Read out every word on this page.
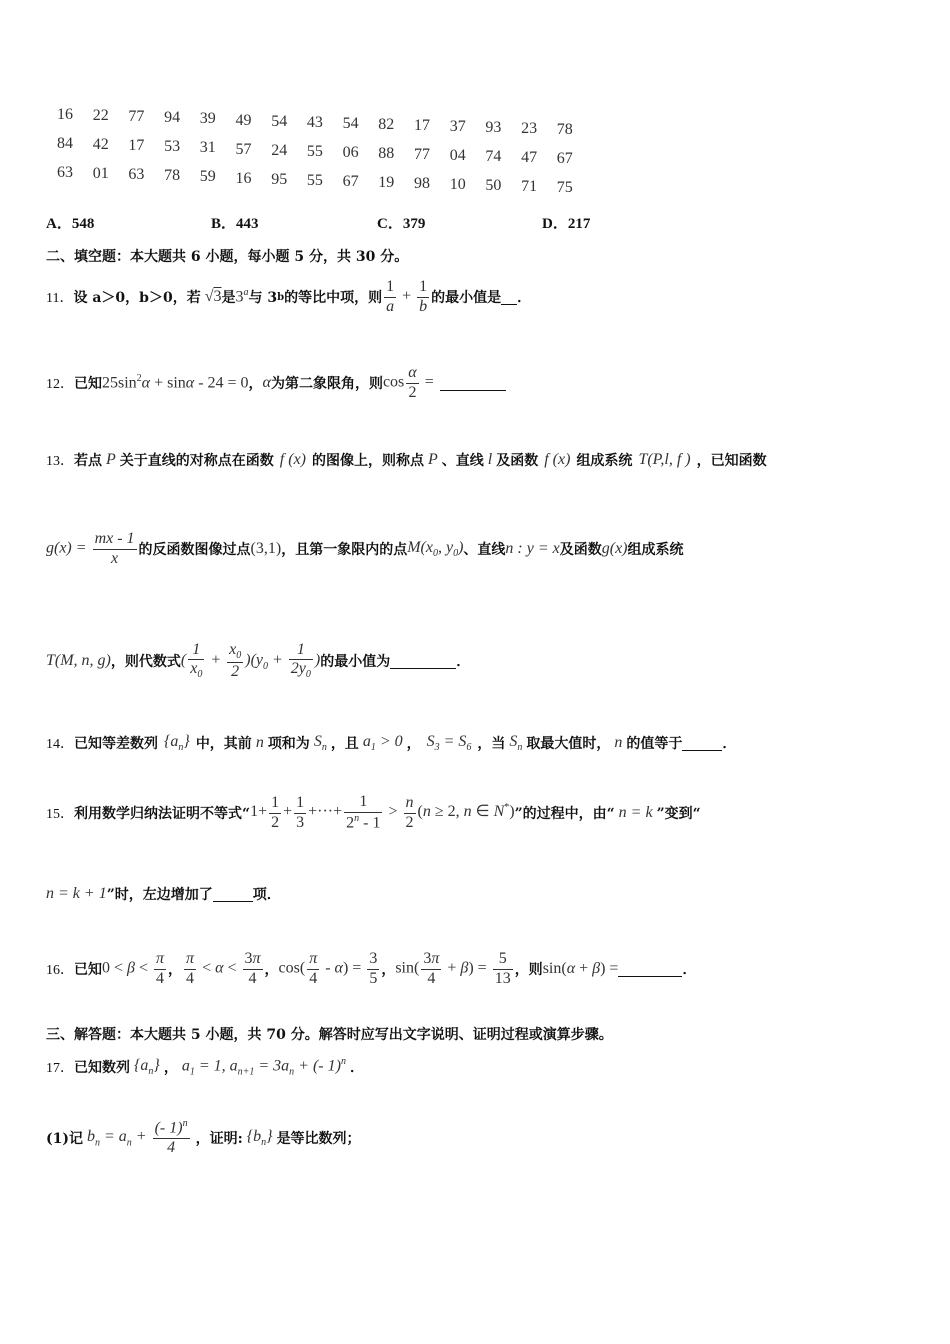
16 22 77 94 39 49 54 43 54 82 17 37 93 23 78
84 42 17 53 31 57 24 55 06 88 77 04 74 47 67
63 01 63 78 59 16 95 55 67 19 98 10 50 71 75
A．548	B．443	C．379	D．217
二、填空题：本大题共 6 小题，每小题 5 分，共 30 分。
11． 设 a＞0，b＞0，若 √3 是 3$^a$ 与 3 b 的等比中项，则 $\frac{1}{a} + \frac{1}{b}$ 的最小值是 ．
12． 已知 $25\sin^2\alpha + \sin\alpha - 24 = 0$ ， α 为第二象限角，则 $\cos \frac{\alpha}{2}$ =
13． 若点 P 关于直线的对称点在函数 f (x) 的图像上，则称点 P 、直线 l 及函数 f (x) 组成系统 T(P,l, f ) ，已知函数
$g(x) = \frac{mx - 1}{x}$ 的反函数图像过点 (3,1) ，且第一象限内的点 $M(x_0$, $y_0$) 、直线 n : y = x 及函数 g(x) 组成系统
T(M, n, g) ，则代数式 ( $\frac{1}{x_0} + \frac{x_0}{2} )(y_0 + \frac{1}{2y_0}$ ) 的最小值为	．
14． 已知等差数列 $\{a_n\}$ 中，其前 n 项和为 $S_n$ ，且 $a_1 > 0$ ， $S_3 = S_6$ ，当 $S_n$ 取最大值时， n 的值等于	．
15． 利用数学归纳法证明不等式“ $1+ \frac{1}{2} + \frac{1}{3}$ +···+ $\frac{1}{2^n - 1} > \frac{n}{2} (n \ge 2$, n ∈ N*) ”的过程中，由“ n = k ”变到“
n = k + 1 ”时，左边增加了	项．
16． 已知 $0 < \beta < \frac{\pi}{4}$ ， $\frac{\pi}{4} < \alpha < \frac{3\pi}{4}$ ， $\cos( \frac{\pi}{4} - \alpha) = \frac{3}{5}$ ， $\sin( \frac{3\pi}{4} + \beta) = \frac{5}{13}$ ，则 sin(α + β) =	．
三、解答题：本大题共 5 小题，共 70 分。解答时应写出文字说明、证明过程或演算步骤。
17． 已知数列 $\{a_n\}$ ， $a_1 = 1$, $a_{n+1} = 3a_n$ + (- 1)$^n$ ．
(1)记 $b_n = a_n + \frac{(- 1)^n}{4}$ ，证明: $\{b_n\}$ 是等比数列；
